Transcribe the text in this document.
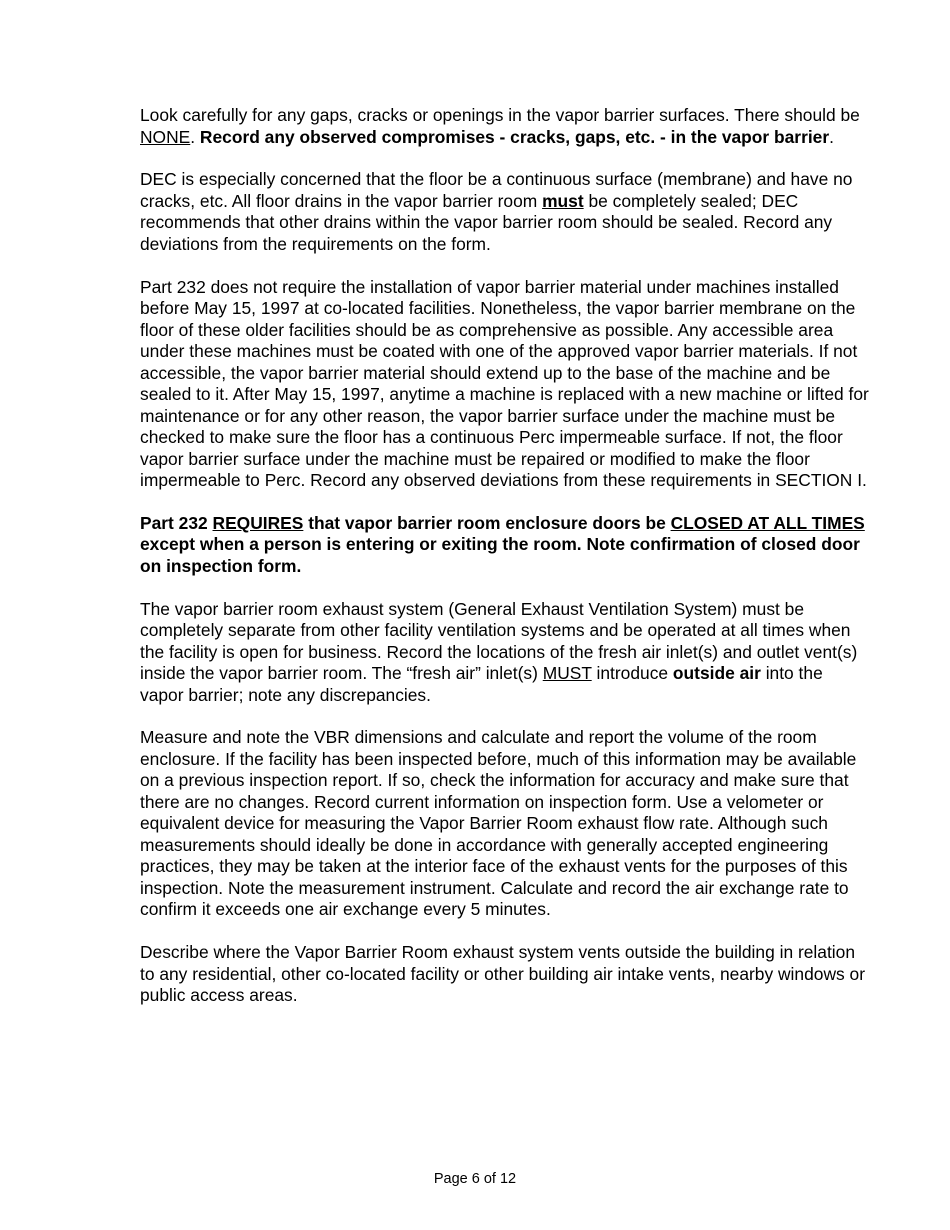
Look carefully for any gaps, cracks or openings in the vapor barrier surfaces. There should be NONE. Record any observed compromises - cracks, gaps, etc. - in the vapor barrier.

DEC is especially concerned that the floor be a continuous surface (membrane) and have no cracks, etc. All floor drains in the vapor barrier room must be completely sealed; DEC recommends that other drains within the vapor barrier room should be sealed. Record any deviations from the requirements on the form.

Part 232 does not require the installation of vapor barrier material under machines installed before May 15, 1997 at co-located facilities. Nonetheless, the vapor barrier membrane on the floor of these older facilities should be as comprehensive as possible. Any accessible area under these machines must be coated with one of the approved vapor barrier materials. If not accessible, the vapor barrier material should extend up to the base of the machine and be sealed to it. After May 15, 1997, anytime a machine is replaced with a new machine or lifted for maintenance or for any other reason, the vapor barrier surface under the machine must be checked to make sure the floor has a continuous Perc impermeable surface. If not, the floor vapor barrier surface under the machine must be repaired or modified to make the floor impermeable to Perc. Record any observed deviations from these requirements in SECTION I.

Part 232 REQUIRES that vapor barrier room enclosure doors be CLOSED AT ALL TIMES except when a person is entering or exiting the room. Note confirmation of closed door on inspection form.

The vapor barrier room exhaust system (General Exhaust Ventilation System) must be completely separate from other facility ventilation systems and be operated at all times when the facility is open for business. Record the locations of the fresh air inlet(s) and outlet vent(s) inside the vapor barrier room. The “fresh air” inlet(s) MUST introduce outside air into the vapor barrier; note any discrepancies.

Measure and note the VBR dimensions and calculate and report the volume of the room enclosure. If the facility has been inspected before, much of this information may be available on a previous inspection report. If so, check the information for accuracy and make sure that there are no changes. Record current information on inspection form. Use a velometer or equivalent device for measuring the Vapor Barrier Room exhaust flow rate. Although such measurements should ideally be done in accordance with generally accepted engineering practices, they may be taken at the interior face of the exhaust vents for the purposes of this inspection. Note the measurement instrument. Calculate and record the air exchange rate to confirm it exceeds one air exchange every 5 minutes.

Describe where the Vapor Barrier Room exhaust system vents outside the building in relation to any residential, other co-located facility or other building air intake vents, nearby windows or public access areas.

Page 6 of 12
